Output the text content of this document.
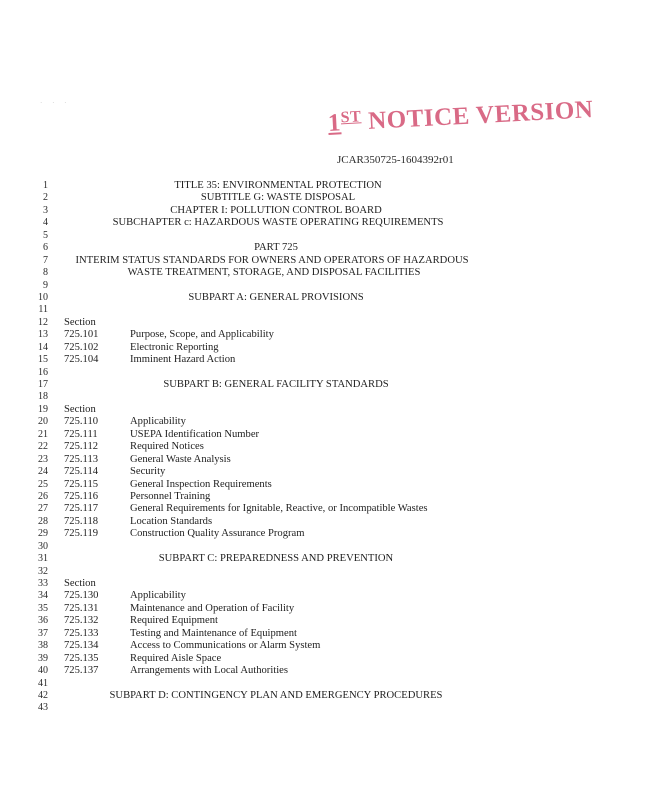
· · ·
1ST NOTICE VERSION
JCAR350725-1604392r01
1	TITLE 35: ENVIRONMENTAL PROTECTION
2	SUBTITLE G: WASTE DISPOSAL
3	CHAPTER I: POLLUTION CONTROL BOARD
4	SUBCHAPTER c: HAZARDOUS WASTE OPERATING REQUIREMENTS
5
6	PART 725
7	INTERIM STATUS STANDARDS FOR OWNERS AND OPERATORS OF HAZARDOUS
8	WASTE TREATMENT, STORAGE, AND DISPOSAL FACILITIES
9
10	SUBPART A: GENERAL PROVISIONS
11
12 Section
13 725.101	Purpose, Scope, and Applicability
14 725.102	Electronic Reporting
15 725.104	Imminent Hazard Action
16
17	SUBPART B: GENERAL FACILITY STANDARDS
18
19 Section
20 725.110	Applicability
21 725.111	USEPA Identification Number
22 725.112	Required Notices
23 725.113	General Waste Analysis
24 725.114	Security
25 725.115	General Inspection Requirements
26 725.116	Personnel Training
27 725.117	General Requirements for Ignitable, Reactive, or Incompatible Wastes
28 725.118	Location Standards
29 725.119	Construction Quality Assurance Program
30
31	SUBPART C: PREPAREDNESS AND PREVENTION
32
33 Section
34 725.130	Applicability
35 725.131	Maintenance and Operation of Facility
36 725.132	Required Equipment
37 725.133	Testing and Maintenance of Equipment
38 725.134	Access to Communications or Alarm System
39 725.135	Required Aisle Space
40 725.137	Arrangements with Local Authorities
41
42	SUBPART D: CONTINGENCY PLAN AND EMERGENCY PROCEDURES
43
